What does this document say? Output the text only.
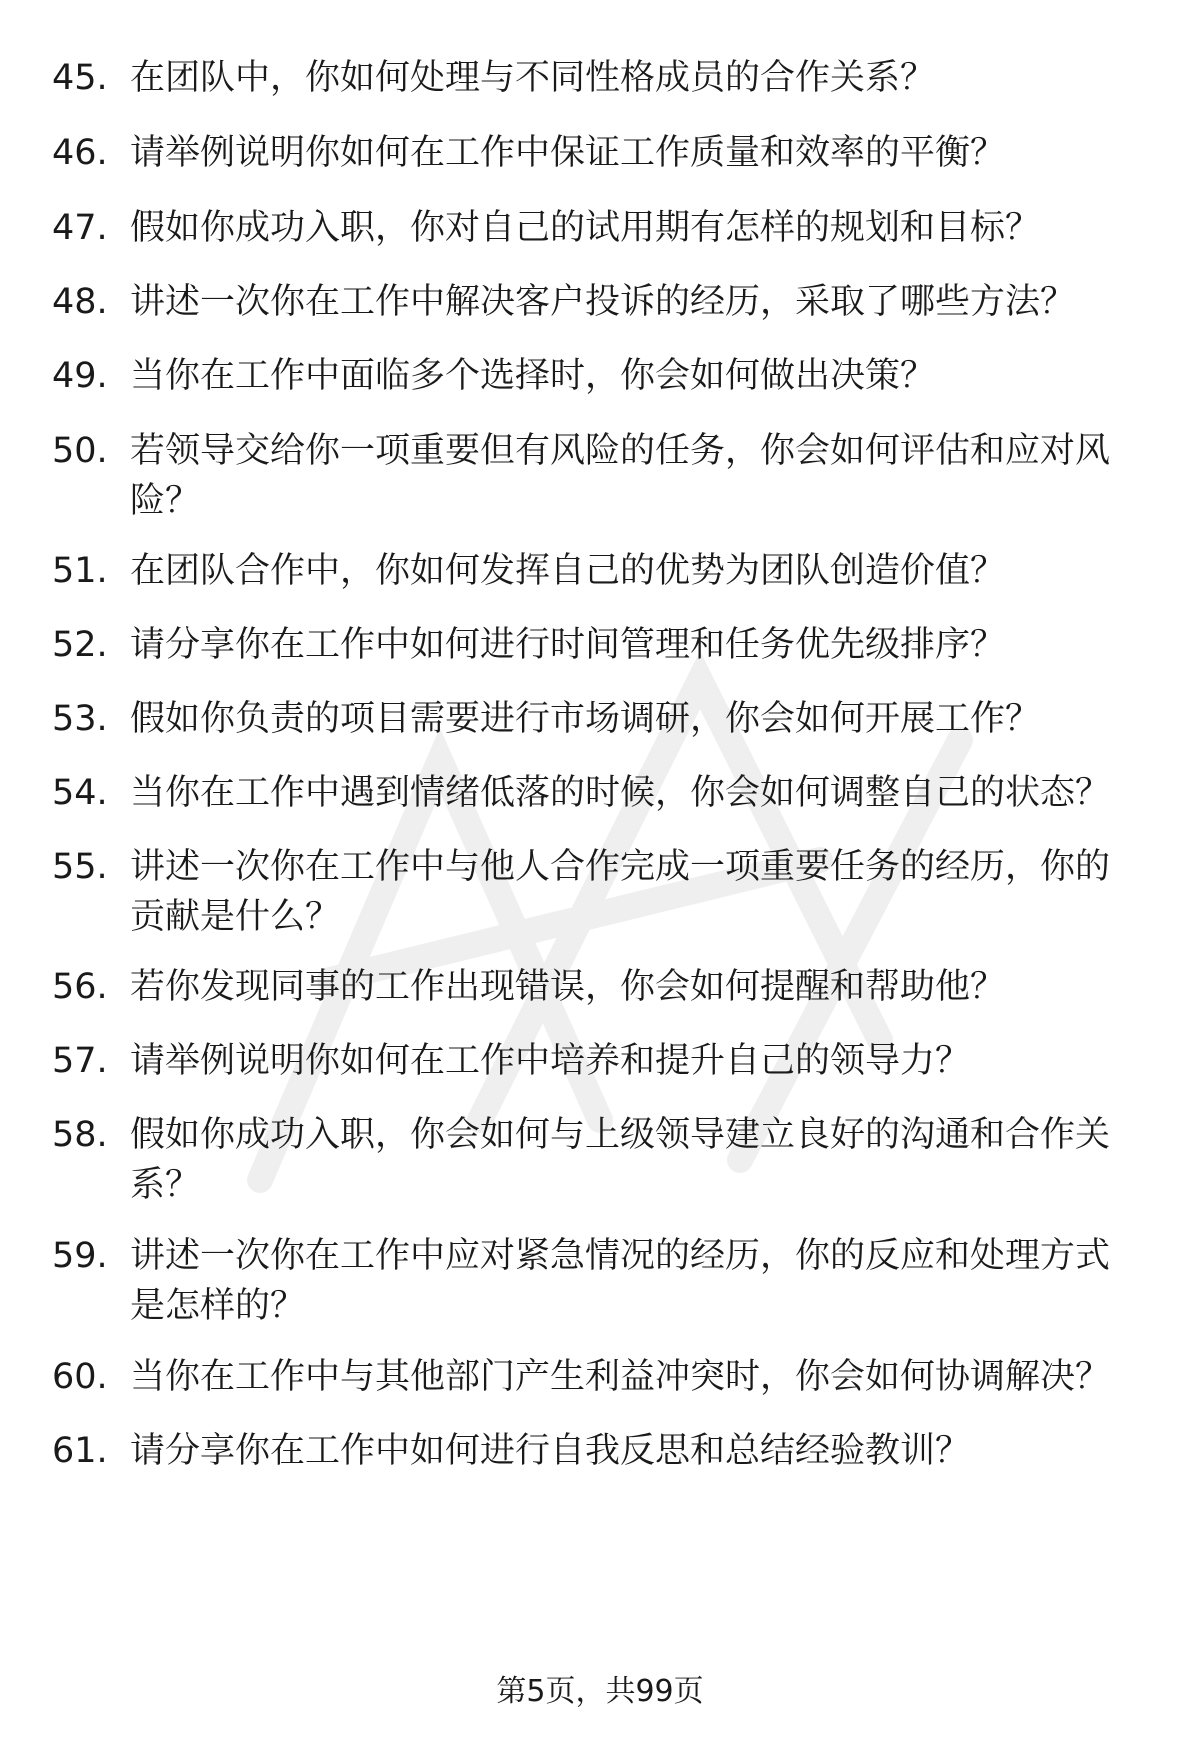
45. 在团队中，你如何处理与不同性格成员的合作关系？
46. 请举例说明你如何在工作中保证工作质量和效率的平衡？
47. 假如你成功入职，你对自己的试用期有怎样的规划和目标？
48. 讲述一次你在工作中解决客户投诉的经历，采取了哪些方法？
49. 当你在工作中面临多个选择时，你会如何做出决策？
50. 若领导交给你一项重要但有风险的任务，你会如何评估和应对风险？
51. 在团队合作中，你如何发挥自己的优势为团队创造价值？
52. 请分享你在工作中如何进行时间管理和任务优先级排序？
53. 假如你负责的项目需要进行市场调研，你会如何开展工作？
54. 当你在工作中遇到情绪低落的时候，你会如何调整自己的状态？
55. 讲述一次你在工作中与他人合作完成一项重要任务的经历，你的贡献是什么？
56. 若你发现同事的工作出现错误，你会如何提醒和帮助他？
57. 请举例说明你如何在工作中培养和提升自己的领导力？
58. 假如你成功入职，你会如何与上级领导建立良好的沟通和合作关系？
59. 讲述一次你在工作中应对紧急情况的经历，你的反应和处理方式是怎样的？
60. 当你在工作中与其他部门产生利益冲突时，你会如何协调解决？
61. 请分享你在工作中如何进行自我反思和总结经验教训？
第5页，共99页
